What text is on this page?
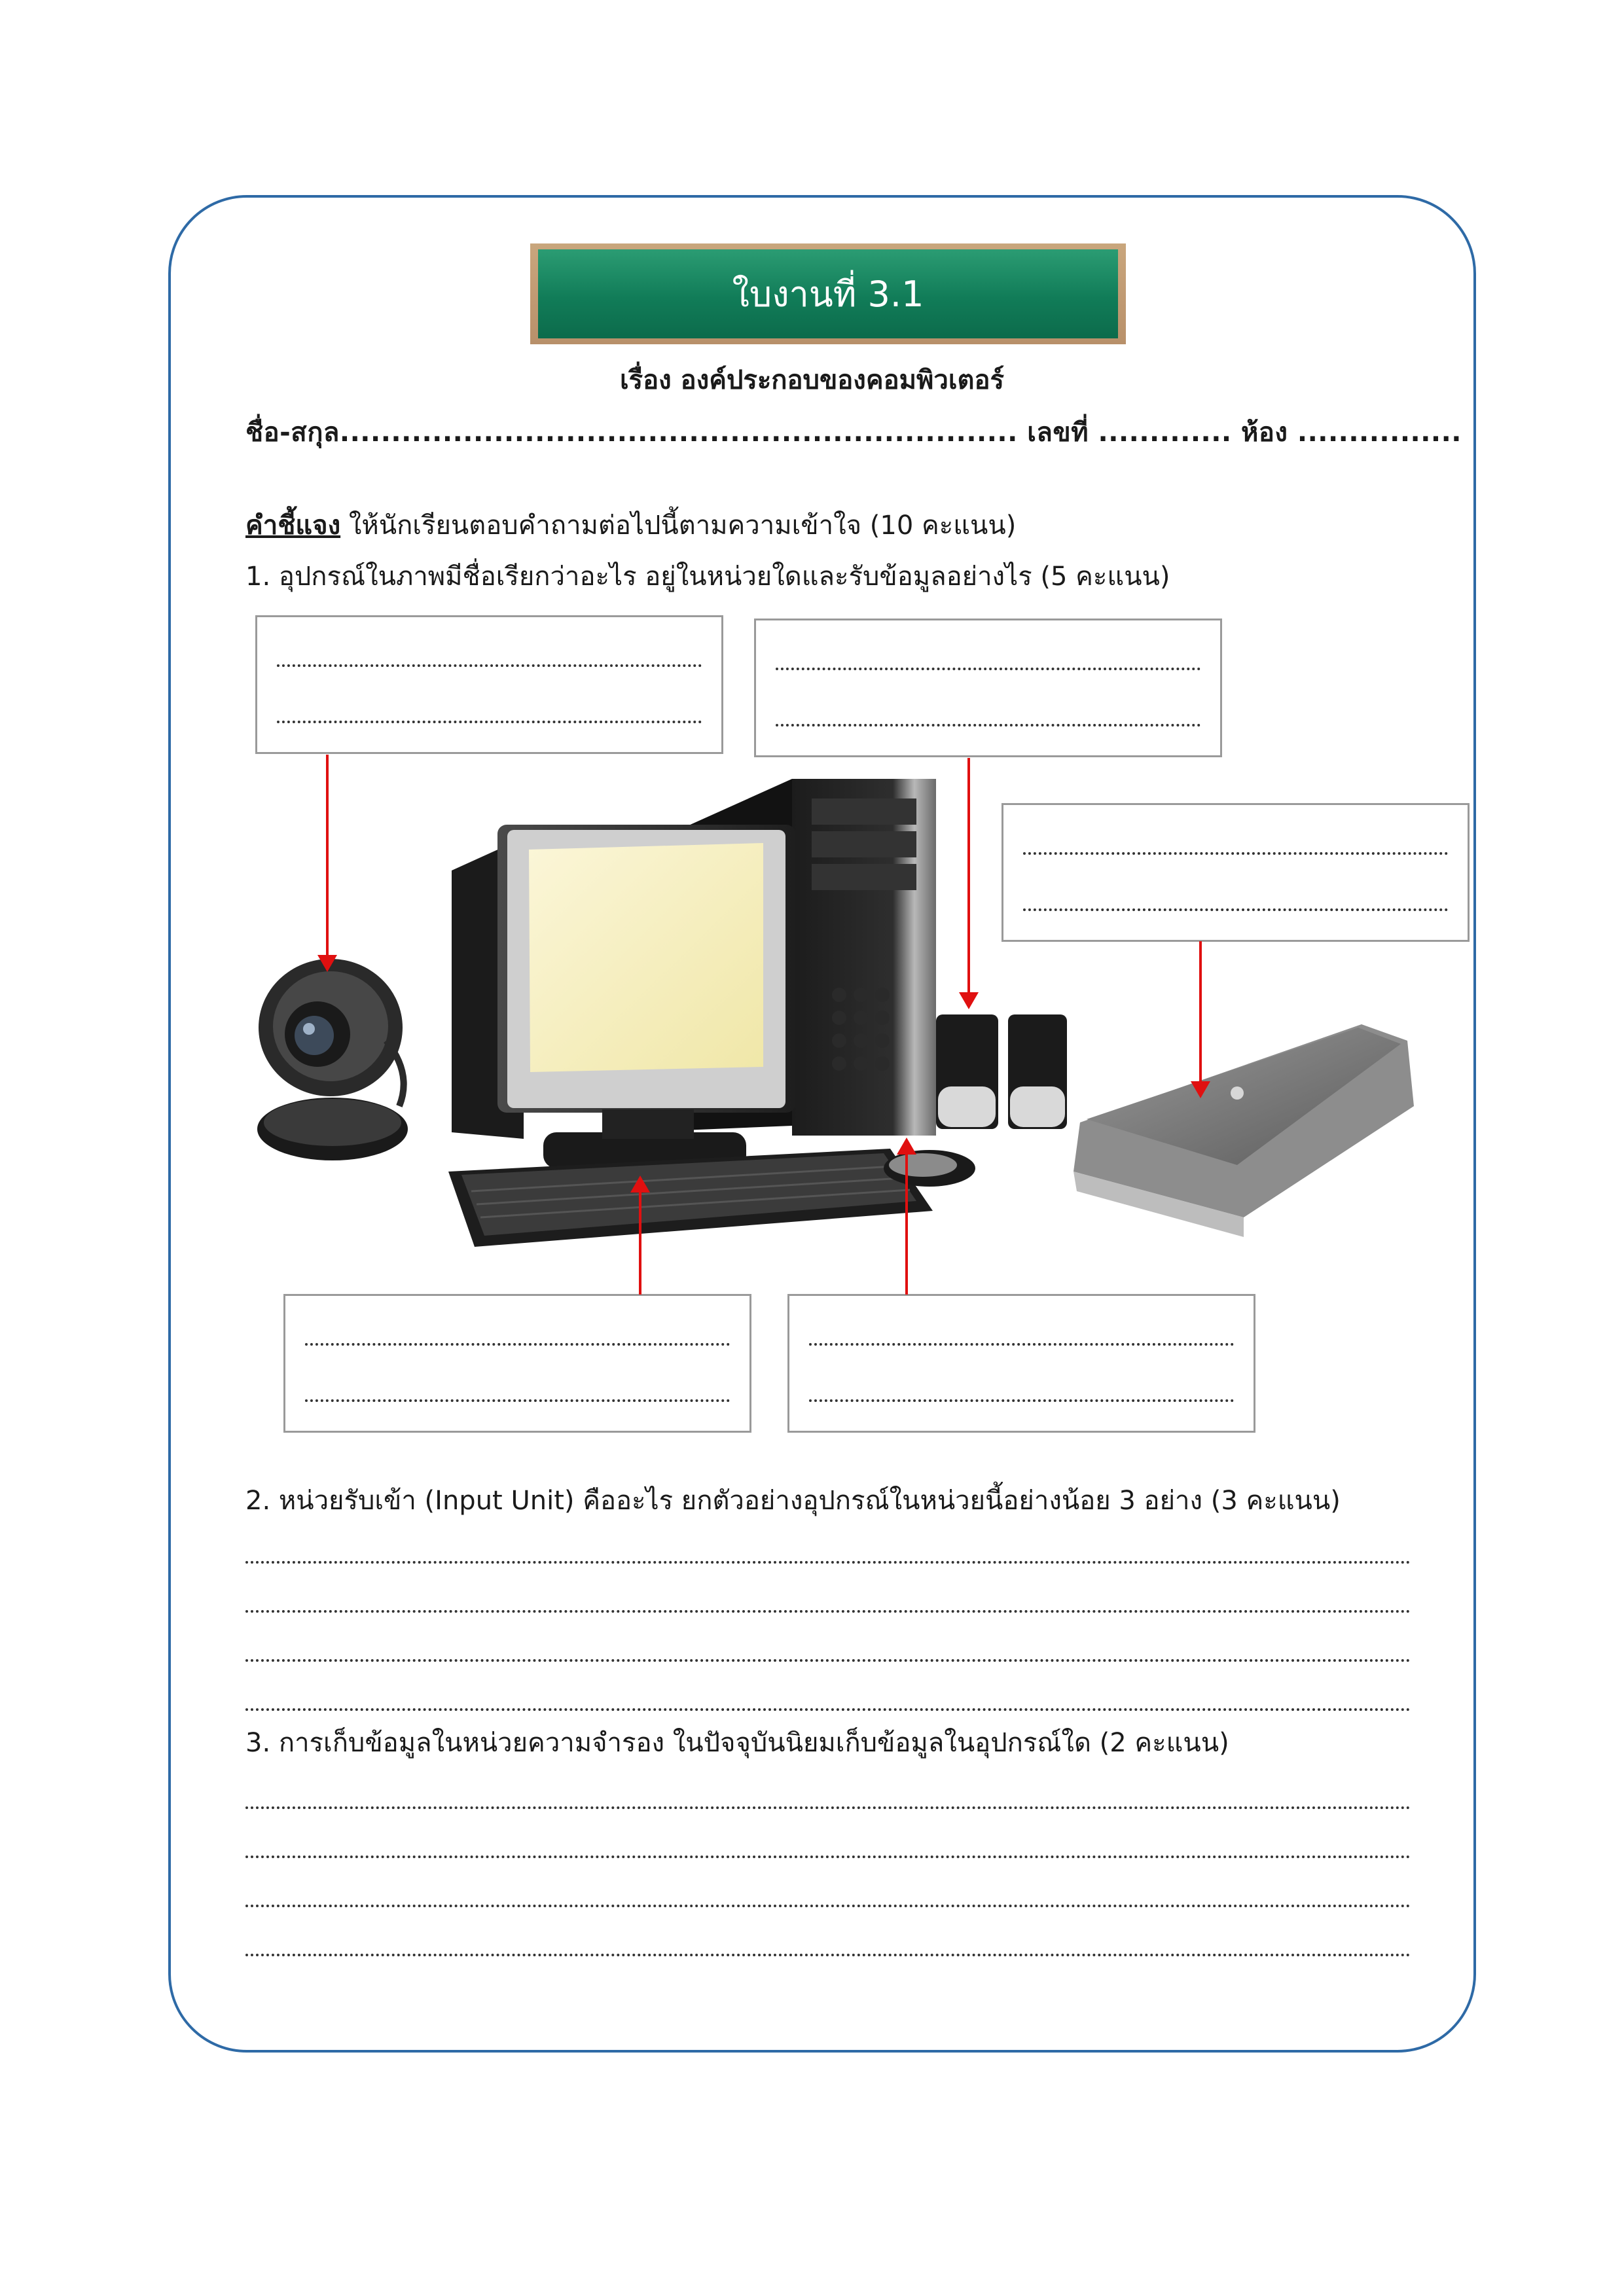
ใบงานที่ 3.1
เรื่อง องค์ประกอบของคอมพิวเตอร์
ชื่อ-สกุล.................................................................. เลขที่ ............. ห้อง ................
คำชี้แจง ให้นักเรียนตอบคำถามต่อไปนี้ตามความเข้าใจ (10 คะแนน)
1. อุปกรณ์ในภาพมีชื่อเรียกว่าอะไร อยู่ในหน่วยใดและรับข้อมูลอย่างไร (5 คะแนน)
2. หน่วยรับเข้า (Input Unit) คืออะไร ยกตัวอย่างอุปกรณ์ในหน่วยนี้อย่างน้อย 3 อย่าง (3 คะแนน)
3. การเก็บข้อมูลในหน่วยความจำรอง ในปัจจุบันนิยมเก็บข้อมูลในอุปกรณ์ใด (2 คะแนน)
